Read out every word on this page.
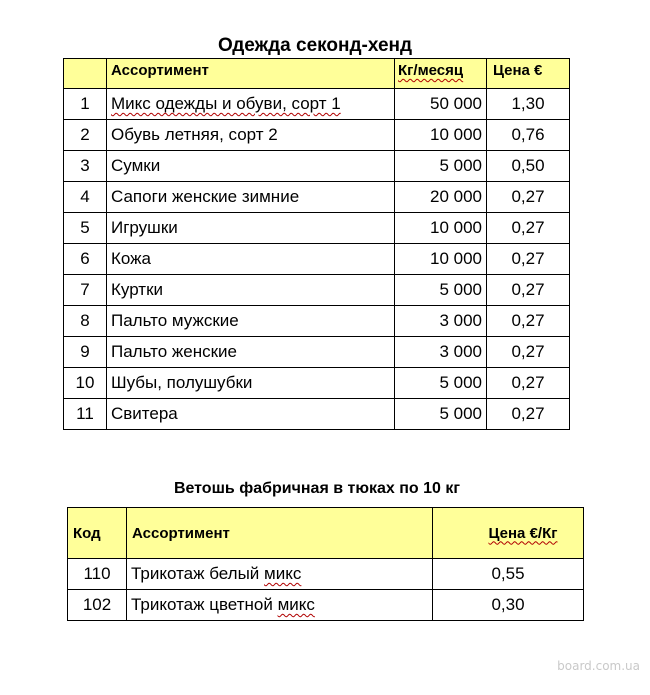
Одежда секонд-хенд
	Ассортимент	Кг/месяц	Цена €
1	Микс одежды и обуви, сорт 1	50 000	1,30
2	Обувь летняя, сорт 2	10 000	0,76
3	Сумки	5 000	0,50
4	Сапоги женские зимние	20 000	0,27
5	Игрушки	10 000	0,27
6	Кожа	10 000	0,27
7	Куртки	5 000	0,27
8	Пальто мужские	3 000	0,27
9	Пальто женские	3 000	0,27
10	Шубы, полушубки	5 000	0,27
11	Свитера	5 000	0,27
Ветошь фабричная в тюках по 10 кг
Код	Ассортимент	Цена €/Кг
110	Трикотаж белый микс	0,55
102	Трикотаж цветной микс	0,30
board.com.ua
